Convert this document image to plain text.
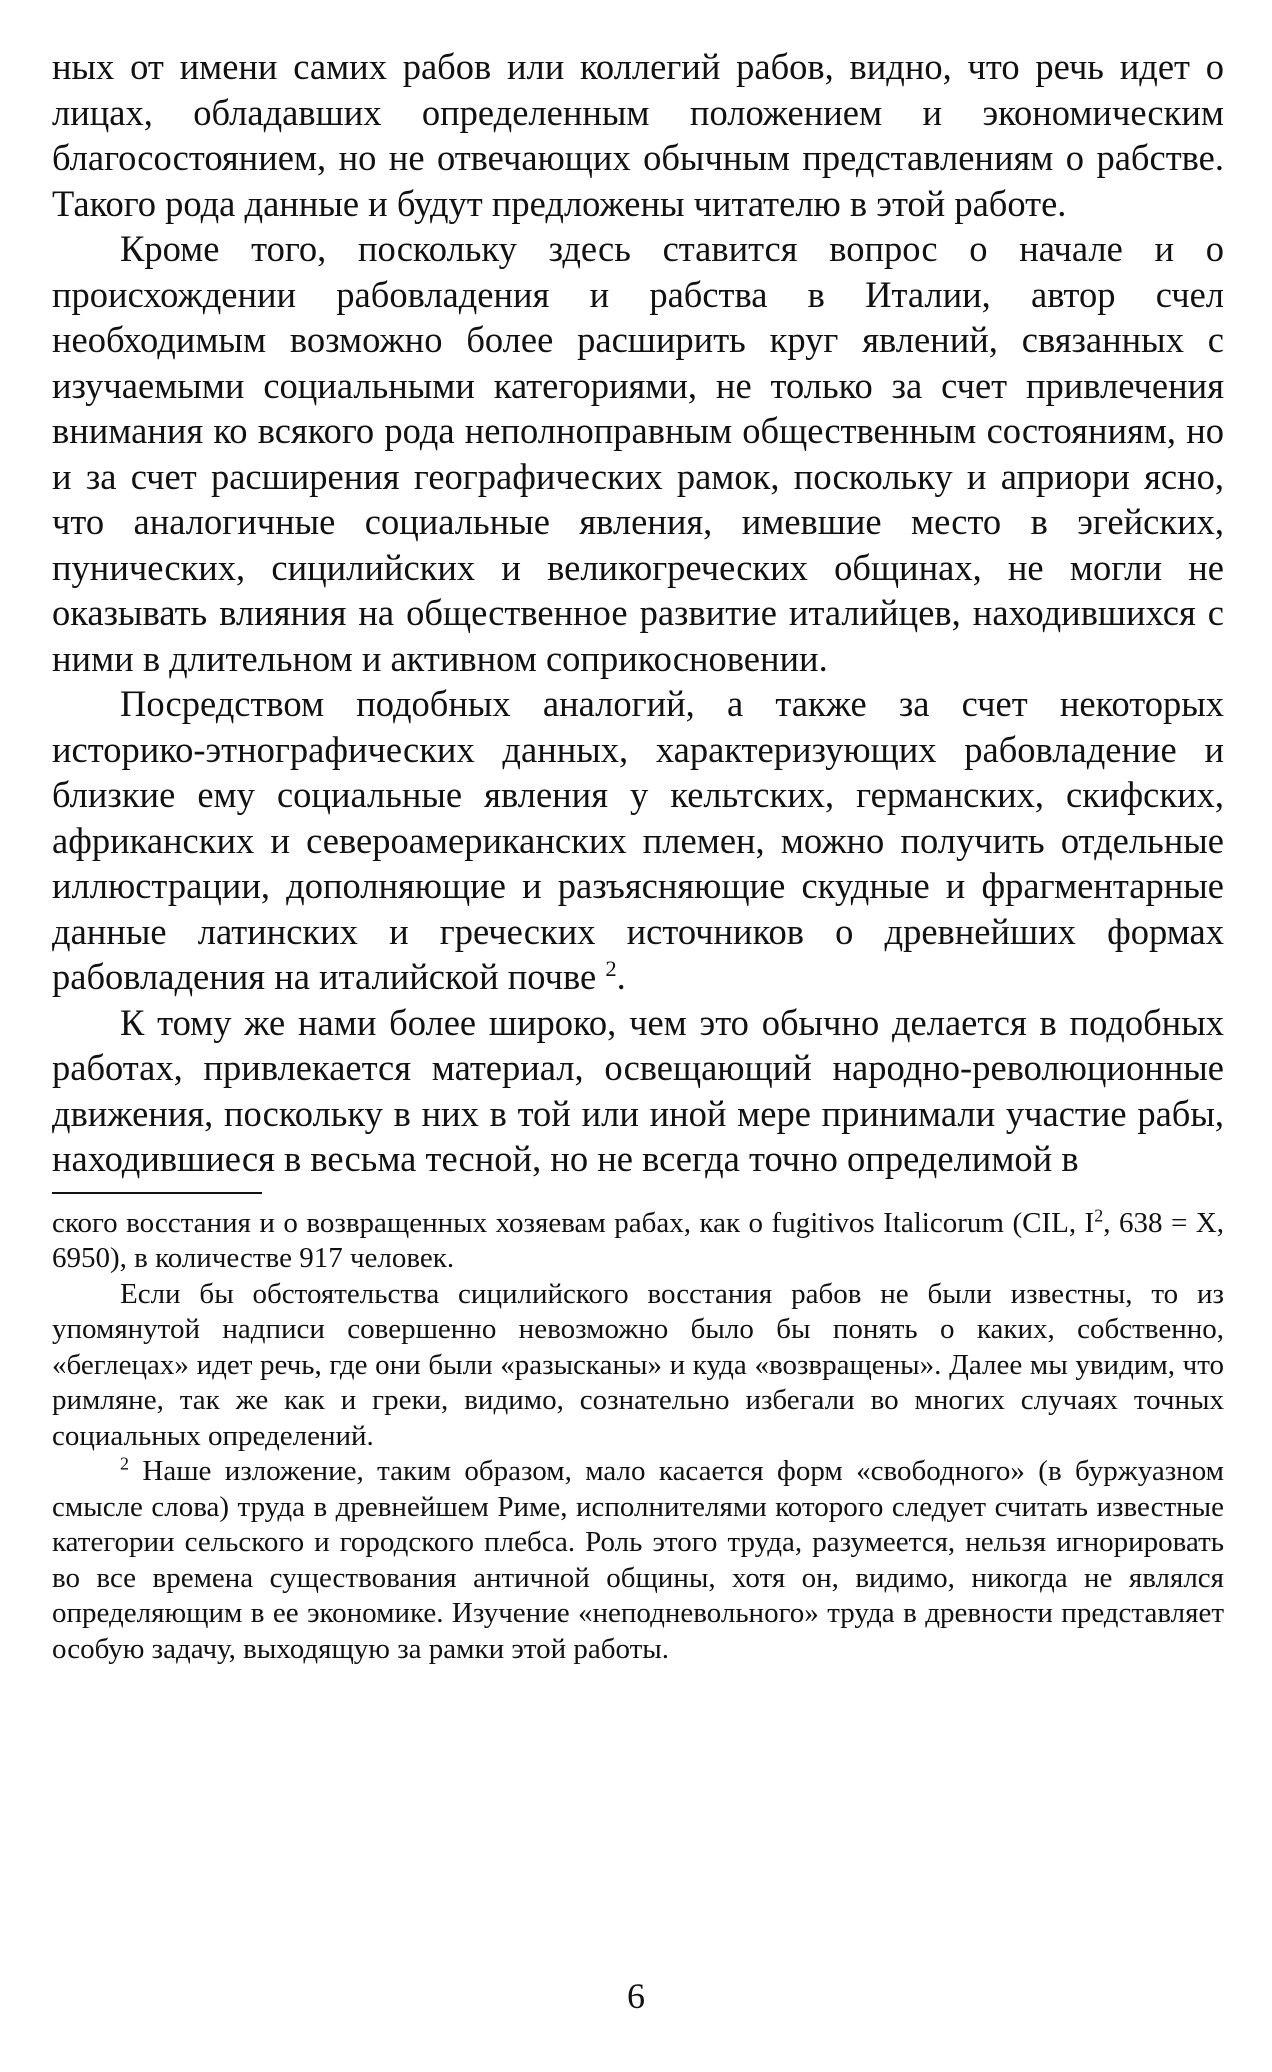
ных от имени самих рабов или коллегий рабов, видно, что речь идет о лицах, обладавших определенным положением и экономическим благосостоянием, но не отвечающих обычным представлениям о рабстве. Такого рода данные и будут предложены читателю в этой работе.

Кроме того, поскольку здесь ставится вопрос о начале и о происхождении рабовладения и рабства в Италии, автор счел необходимым возможно более расширить круг явлений, связанных с изучаемыми социальными категориями, не только за счет привлечения внимания ко всякого рода неполноправным общественным состояниям, но и за счет расширения географических рамок, поскольку и априори ясно, что аналогичные социальные явления, имевшие место в эгейских, пунических, сицилийских и великогреческих общинах, не могли не оказывать влияния на общественное развитие италийцев, находившихся с ними в длительном и активном соприкосновении.

Посредством подобных аналогий, а также за счет некоторых историко-этнографических данных, характеризующих рабовладение и близкие ему социальные явления у кельтских, германских, скифских, африканских и североамериканских племен, можно получить отдельные иллюстрации, дополняющие и разъясняющие скудные и фрагментарные данные латинских и греческих источников о древнейших формах рабовладения на италийской почве $^2$.

К тому же нами более широко, чем это обычно делается в подобных работах, привлекается материал, освещающий народно-революционные движения, поскольку в них в той или иной мере принимали участие рабы, находившиеся в весьма тесной, но не всегда точно определимой в

ского восстания и о возвращенных хозяевам рабах, как о fugitivos Italicorum (CIL, $I^2$, 638 = X, 6950), в количестве 917 человек.

Если бы обстоятельства сицилийского восстания рабов не были известны, то из упомянутой надписи совершенно невозможно было бы понять о каких, собственно, «беглецах» идет речь, где они были «разысканы» и куда «возвращены». Далее мы увидим, что римляне, так же как и греки, видимо, сознательно избегали во многих случаях точных социальных определений.

$^2$ Наше изложение, таким образом, мало касается форм «свободного» (в буржуазном смысле слова) труда в древнейшем Риме, исполнителями которого следует считать известные категории сельского и городского плебса. Роль этого труда, разумеется, нельзя игнорировать во все времена существования античной общины, хотя он, видимо, никогда не являлся определяющим в ее экономике. Изучение «неподневольного» труда в древности представляет особую задачу, выходящую за рамки этой работы.

6
